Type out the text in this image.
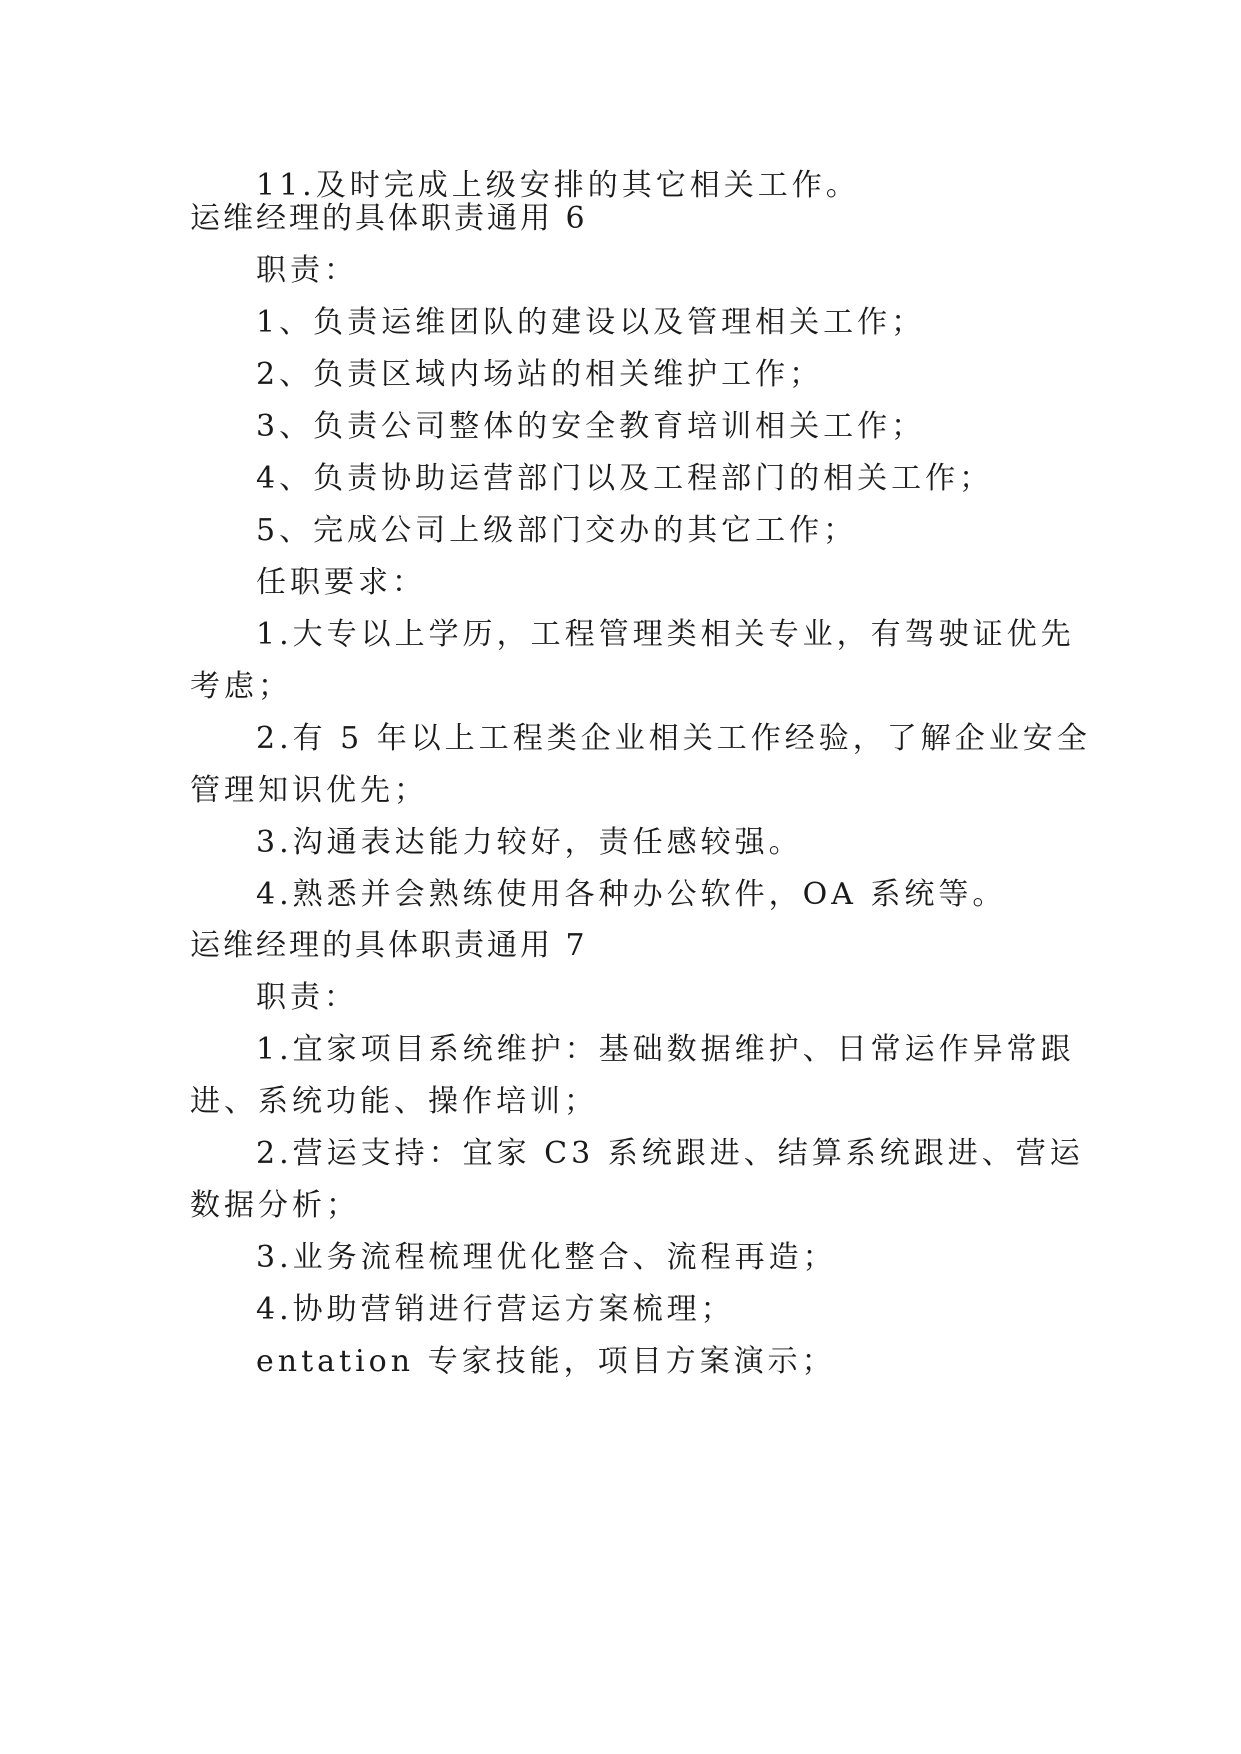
11.及时完成上级安排的其它相关工作。
运维经理的具体职责通用 6
职责：
1、负责运维团队的建设以及管理相关工作；
2、负责区域内场站的相关维护工作；
3、负责公司整体的安全教育培训相关工作；
4、负责协助运营部门以及工程部门的相关工作；
5、完成公司上级部门交办的其它工作；
任职要求：
1.大专以上学历，工程管理类相关专业，有驾驶证优先
考虑；
2.有 5 年以上工程类企业相关工作经验，了解企业安全
管理知识优先；
3.沟通表达能力较好，责任感较强。
4.熟悉并会熟练使用各种办公软件，OA 系统等。
运维经理的具体职责通用 7
职责：
1.宜家项目系统维护：基础数据维护、日常运作异常跟
进、系统功能、操作培训；
2.营运支持：宜家 C3 系统跟进、结算系统跟进、营运
数据分析；
3.业务流程梳理优化整合、流程再造；
4.协助营销进行营运方案梳理；
entation 专家技能，项目方案演示；
